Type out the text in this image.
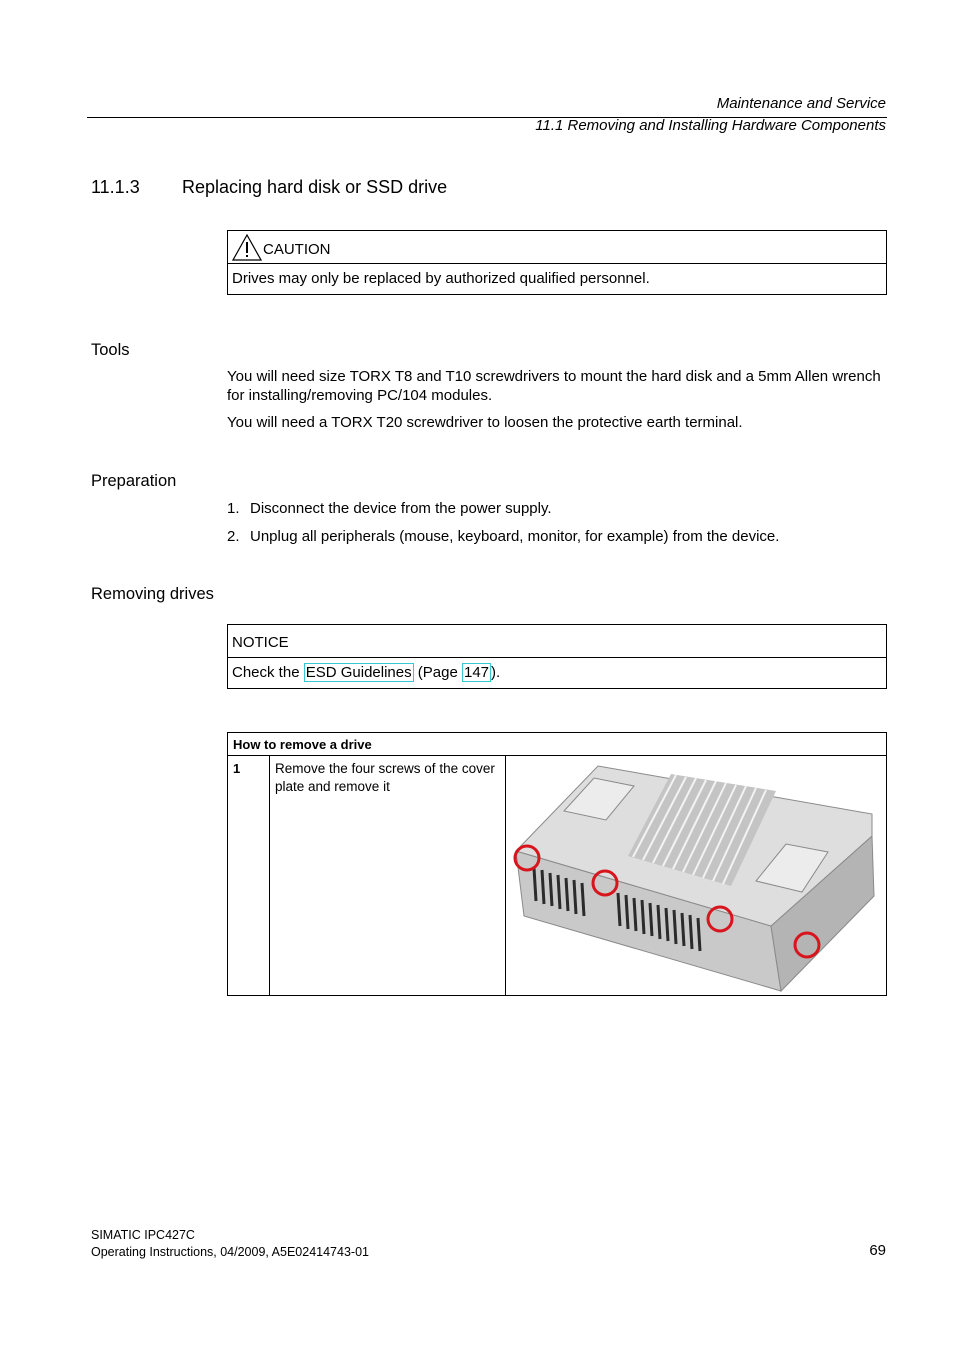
Maintenance and Service
11.1 Removing and Installing Hardware Components
11.1.3 Replacing hard disk or SSD drive
CAUTION
Drives may only be replaced by authorized qualified personnel.
Tools
You will need size TORX T8 and T10 screwdrivers to mount the hard disk and a 5mm Allen wrench for installing/removing PC/104 modules.
You will need a TORX T20 screwdriver to loosen the protective earth terminal.
Preparation
1. Disconnect the device from the power supply.
2. Unplug all peripherals (mouse, keyboard, monitor, for example) from the device.
Removing drives
NOTICE
Check the ESD Guidelines (Page 147 ).
How to remove a drive
1	Remove the four screws of the cover plate and remove it	
SIMATIC IPC427C
Operating Instructions, 04/2009, A5E02414743-01	69
